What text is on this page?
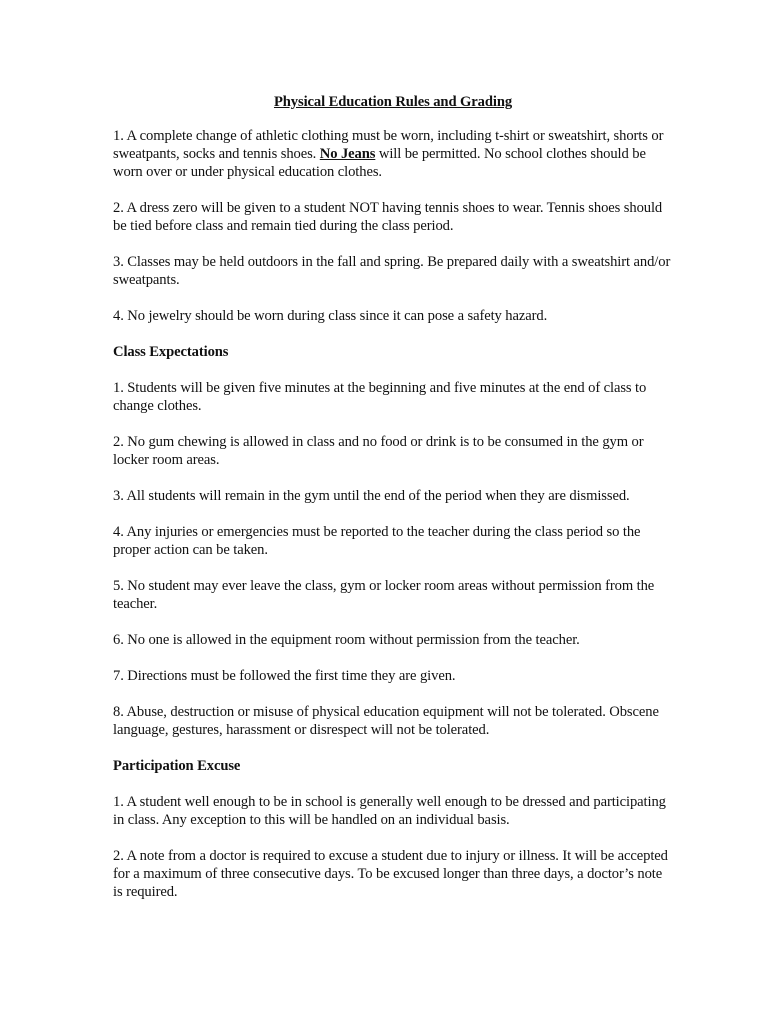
Physical Education Rules and Grading

1. A complete change of athletic clothing must be worn, including t-shirt or sweatshirt, shorts or sweatpants, socks and tennis shoes. No Jeans will be permitted. No school clothes should be worn over or under physical education clothes.

2. A dress zero will be given to a student NOT having tennis shoes to wear. Tennis shoes should be tied before class and remain tied during the class period.

3. Classes may be held outdoors in the fall and spring. Be prepared daily with a sweatshirt and/or sweatpants.

4. No jewelry should be worn during class since it can pose a safety hazard.

Class Expectations

1. Students will be given five minutes at the beginning and five minutes at the end of class to change clothes.

2. No gum chewing is allowed in class and no food or drink is to be consumed in the gym or locker room areas.

3. All students will remain in the gym until the end of the period when they are dismissed.

4. Any injuries or emergencies must be reported to the teacher during the class period so the proper action can be taken.

5. No student may ever leave the class, gym or locker room areas without permission from the teacher.

6. No one is allowed in the equipment room without permission from the teacher.

7. Directions must be followed the first time they are given.

8. Abuse, destruction or misuse of physical education equipment will not be tolerated. Obscene language, gestures, harassment or disrespect will not be tolerated.

Participation Excuse

1. A student well enough to be in school is generally well enough to be dressed and participating in class. Any exception to this will be handled on an individual basis.

2. A note from a doctor is required to excuse a student due to injury or illness. It will be accepted for a maximum of three consecutive days. To be excused longer than three days, a doctor’s note is required.
